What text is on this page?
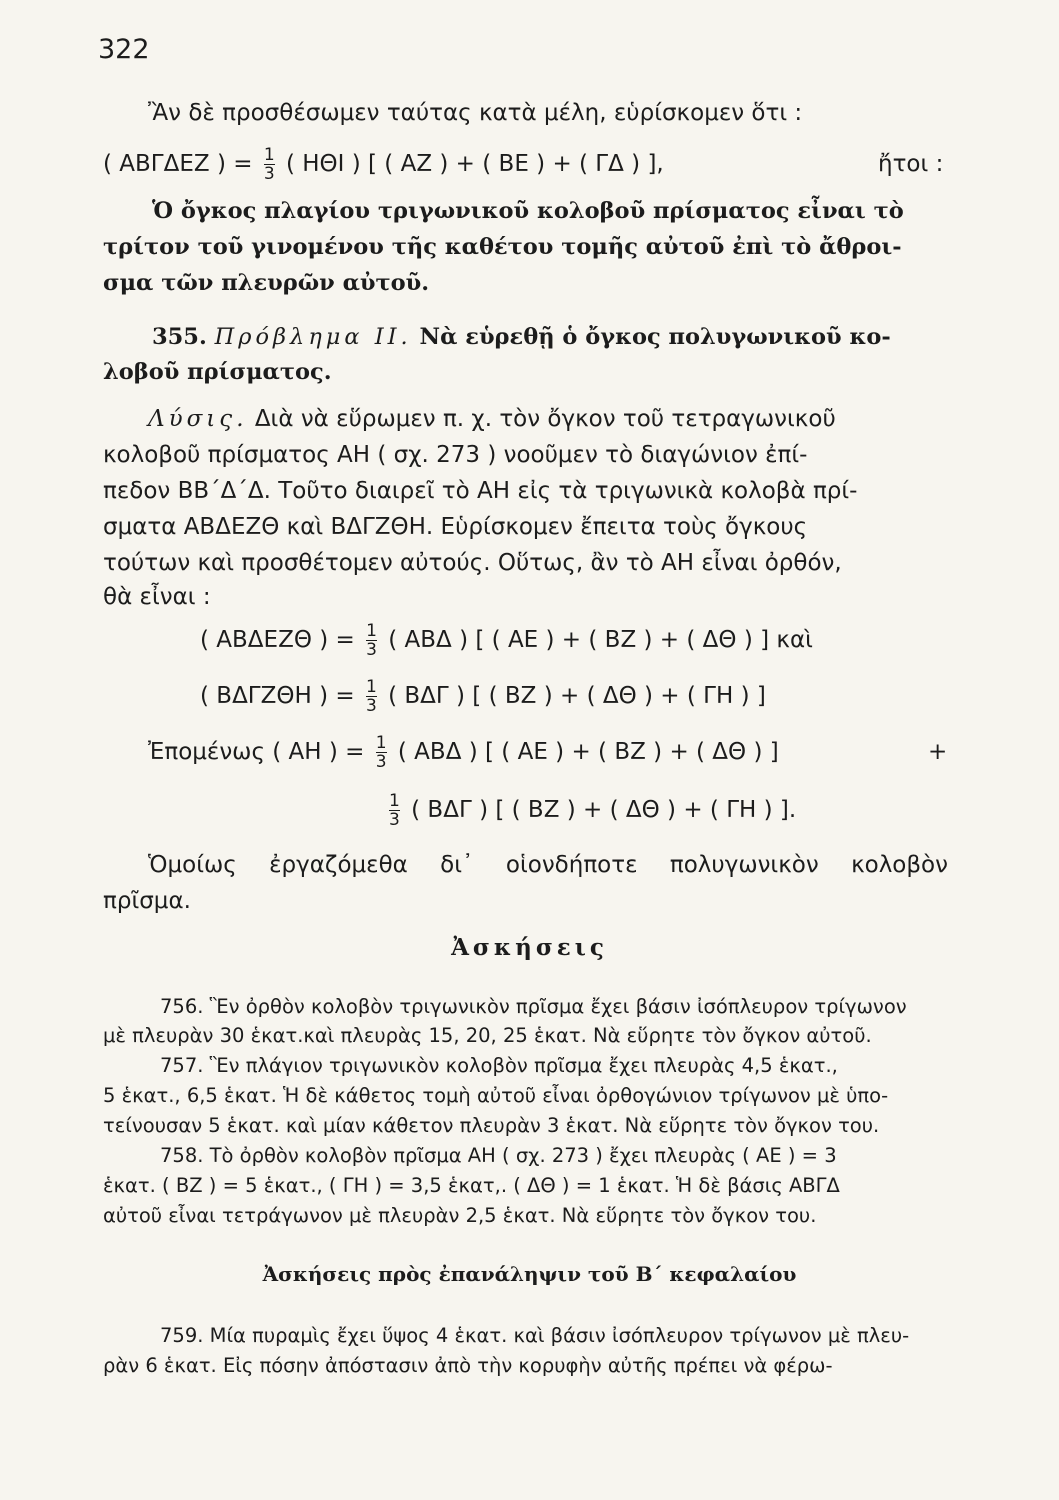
322
Ἂν δὲ προσθέσωμεν ταύτας κατὰ μέλη, εὑρίσκομεν ὅτι :
( ΑΒΓΔΕΖ ) = $\frac{1}{3}$ ( ΗΘΙ ) [ ( ΑΖ ) + ( ΒΕ ) + ( ΓΔ ) ],	ἤτοι :
Ὁ ὄγκος πλαγίου τριγωνικοῦ κολοβοῦ πρίσματος εἶναι τὸ
τρίτον τοῦ γινομένου τῆς καθέτου τομῆς αὐτοῦ ἐπὶ τὸ ἄθροι-
σμα τῶν πλευρῶν αὐτοῦ.
355. Πρόβλημα II. Νὰ εὑρεθῇ ὁ ὄγκος πολυγωνικοῦ κο-
λοβοῦ πρίσματος.
Λύσις. Διὰ νὰ εὕρωμεν π. χ. τὸν ὄγκον τοῦ τετραγωνικοῦ
κολοβοῦ πρίσματος ΑΗ ( σχ. 273 ) νοοῦμεν τὸ διαγώνιον ἐπί-
πεδον ΒΒ΄Δ΄Δ. Τοῦτο διαιρεῖ τὸ ΑΗ εἰς τὰ τριγωνικὰ κολοβὰ πρί-
σματα ΑΒΔΕΖΘ καὶ ΒΔΓΖΘΗ. Εὑρίσκομεν ἔπειτα τοὺς ὄγκους
τούτων καὶ προσθέτομεν αὐτούς. Οὕτως, ἂν τὸ ΑΗ εἶναι ὀρθόν,
θὰ εἶναι :
( ΑΒΔΕΖΘ ) = $\frac{1}{3}$ ( ΑΒΔ ) [ ( ΑΕ ) + ( ΒΖ ) + ( ΔΘ ) ] καὶ
( ΒΔΓΖΘΗ ) = $\frac{1}{3}$ ( ΒΔΓ ) [ ( ΒΖ ) + ( ΔΘ ) + ( ΓΗ ) ]
Ἐπομένως ( ΑΗ ) = $\frac{1}{3}$ ( ΑΒΔ ) [ ( ΑΕ ) + ( ΒΖ ) + ( ΔΘ ) ]	+
$\frac{1}{3}$ ( ΒΔΓ ) [ ( ΒΖ ) + ( ΔΘ ) + ( ΓΗ ) ].
Ὁμοίως ἐργαζόμεθα δι᾽ οἱονδήποτε πολυγωνικὸν κολοβὸν
πρῖσμα.
Ἀσκήσεις
756. Ἓν ὀρθὸν κολοβὸν τριγωνικὸν πρῖσμα ἔχει βάσιν ἰσόπλευρον τρίγωνον
μὲ πλευρὰν 30 ἑκατ.καὶ πλευρὰς 15, 20, 25 ἑκατ. Νὰ εὕρητε τὸν ὄγκον αὐτοῦ.
757. Ἓν πλάγιον τριγωνικὸν κολοβὸν πρῖσμα ἔχει πλευρὰς 4,5 ἑκατ.,
5 ἑκατ., 6,5 ἑκατ. Ἡ δὲ κάθετος τομὴ αὐτοῦ εἶναι ὀρθογώνιον τρίγωνον μὲ ὑπο-
τείνουσαν 5 ἑκατ. καὶ μίαν κάθετον πλευρὰν 3 ἑκατ. Νὰ εὕρητε τὸν ὄγκον του.
758. Τὸ ὀρθὸν κολοβὸν πρῖσμα ΑΗ ( σχ. 273 ) ἔχει πλευρὰς ( ΑΕ ) = 3
ἑκατ. ( ΒΖ ) = 5 ἑκατ., ( ΓΗ ) = 3,5 ἑκατ,. ( ΔΘ ) = 1 ἑκατ. Ἡ δὲ βάσις ΑΒΓΔ
αὐτοῦ εἶναι τετράγωνον μὲ πλευρὰν 2,5 ἑκατ. Νὰ εὕρητε τὸν ὄγκον του.
Ἀσκήσεις πρὸς ἐπανάληψιν τοῦ Β΄ κεφαλαίου
759. Μία πυραμὶς ἔχει ὕψος 4 ἑκατ. καὶ βάσιν ἰσόπλευρον τρίγωνον μὲ πλευ-
ρὰν 6 ἑκατ. Εἰς πόσην ἀπόστασιν ἀπὸ τὴν κορυφὴν αὐτῆς πρέπει νὰ φέρω-
